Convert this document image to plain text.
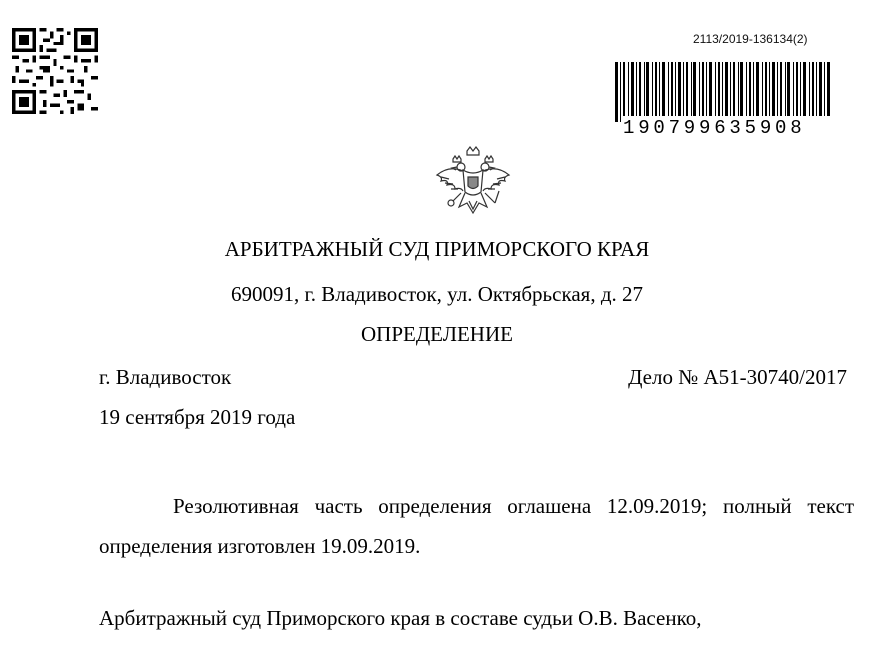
2113/2019-136134(2)
190799635908
АРБИТРАЖНЫЙ СУД ПРИМОРСКОГО КРАЯ
690091, г. Владивосток, ул. Октябрьская, д. 27
ОПРЕДЕЛЕНИЕ
г. Владивосток	Дело № А51-30740/2017
19 сентября 2019 года
Резолютивная часть определения оглашена 12.09.2019; полный текст определения изготовлен 19.09.2019.
Арбитражный суд Приморского края в составе судьи О.В. Васенко,
